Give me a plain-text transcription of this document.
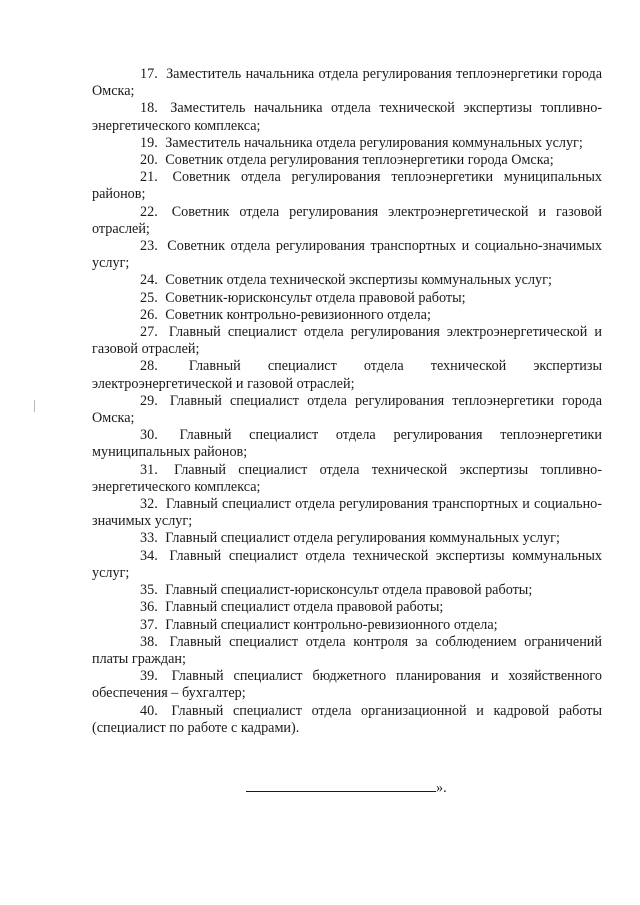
17. Заместитель начальника отдела регулирования теплоэнергетики города Омска;

18. Заместитель начальника отдела технической экспертизы топливно-энергетического комплекса;

19. Заместитель начальника отдела регулирования коммунальных услуг;

20. Советник отдела регулирования теплоэнергетики города Омска;

21. Советник отдела регулирования теплоэнергетики муниципальных районов;

22. Советник отдела регулирования электроэнергетической и газовой отраслей;

23. Советник отдела регулирования транспортных и социально-значимых услуг;

24. Советник отдела технической экспертизы коммунальных услуг;

25. Советник-юрисконсульт отдела правовой работы;

26. Советник контрольно-ревизионного отдела;

27. Главный специалист отдела регулирования электроэнергетической и газовой отраслей;

28. Главный специалист отдела технической экспертизы электроэнергетической и газовой отраслей;

29. Главный специалист отдела регулирования теплоэнергетики города Омска;

30. Главный специалист отдела регулирования теплоэнергетики муниципальных районов;

31. Главный специалист отдела технической экспертизы топливно-энергетического комплекса;

32. Главный специалист отдела регулирования транспортных и социально-значимых услуг;

33. Главный специалист отдела регулирования коммунальных услуг;

34. Главный специалист отдела технической экспертизы коммунальных услуг;

35. Главный специалист-юрисконсульт отдела правовой работы;

36. Главный специалист отдела правовой работы;

37. Главный специалист контрольно-ревизионного отдела;

38. Главный специалист отдела контроля за соблюдением ограничений платы граждан;

39. Главный специалист бюджетного планирования и хозяйственного обеспечения – бухгалтер;

40. Главный специалист отдела организационной и кадровой работы (специалист по работе с кадрами).

».
